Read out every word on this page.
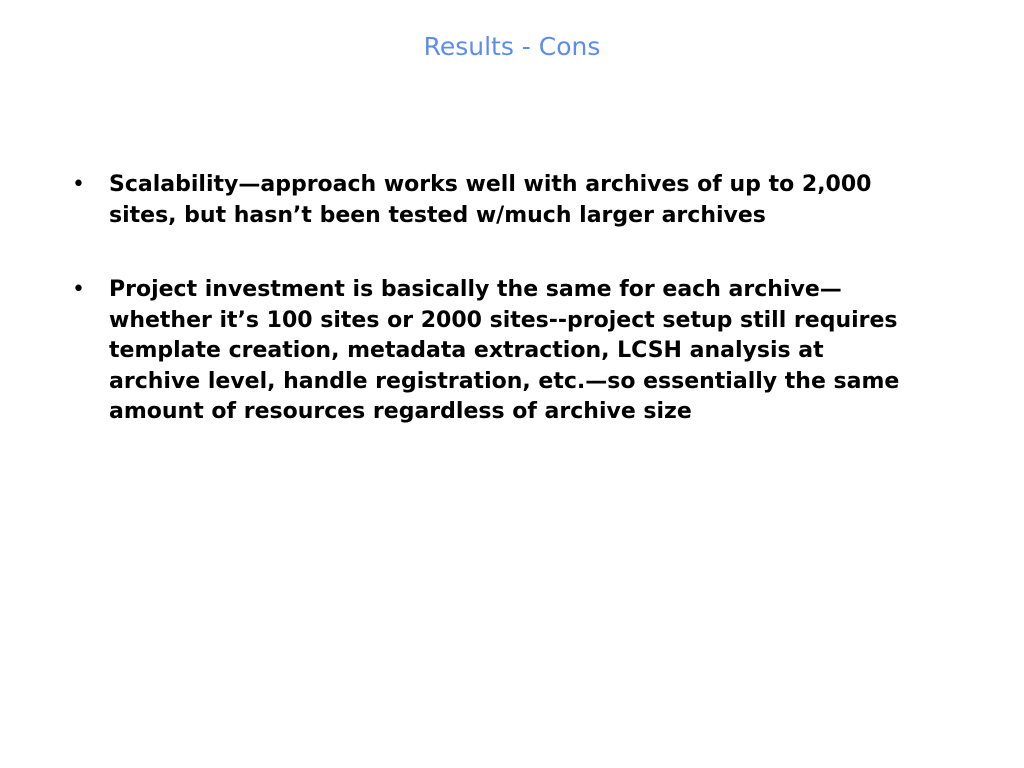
Results - Cons
• Scalability—approach works well with archives of up to 2,000 sites, but hasn’t been tested w/much larger archives
• Project investment is basically the same for each archive—whether it’s 100 sites or 2000 sites--project setup still requires template creation, metadata extraction, LCSH analysis at archive level, handle registration, etc.—so essentially the same amount of resources regardless of archive size
